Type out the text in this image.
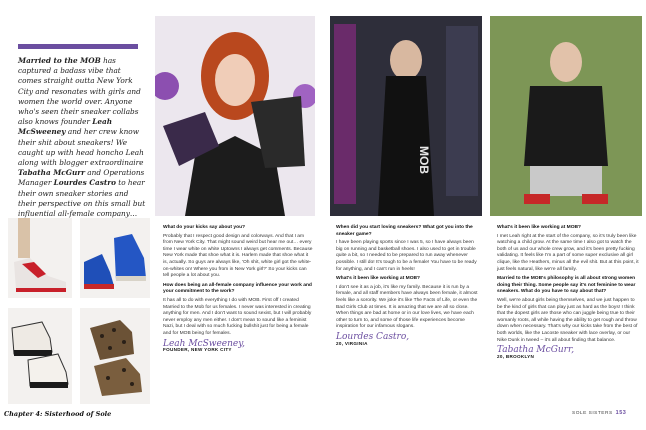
Married to the MOB has captured a badass vibe that comes straight outta New York City and resonates with girls and women the world over. Anyone who's seen their sneaker collabs also knows founder Leah McSweeney and her crew know their shit about sneakers! We caught up with head honcho Leah along with blogger extraordinaire Tabatha McGurr and Operations Manager Lourdes Castro to hear their own sneaker stories and their perspective on this small but influential all-female company…
MOB
What do your kicks say about you?
Probably that I respect good design and colorways. And that I am from New York City. That might sound weird but hear me out… every time I wear white on white Uptowns I always get comments. Because New York made that shoe what it is. Harlem made that shoe what it is, actually. So guys are always like, 'Oh shit, white girl got the white-on-whites on! Where you from in New York girl?' So your kicks can tell people a lot about you.
How does being an all-female company influence your work and your commitment to the work?
It has all to do with everything I do with MOB. First off I created Married to the Mob for us females. I never was interested in creating anything for men. And I don't want to sound sexist, but I will probably never employ any men either. I don't mean to sound like a feminist Nazi, but I deal with so much fucking bullshit just for being a female and for MOB being for females.
Leah McSweeney,
FOUNDER, NEW YORK CITY
When did you start loving sneakers? What got you into the sneaker game?
I have been playing sports since I was 5, so I have always been big on running and basketball shoes. I also used to get in trouble quite a bit, so I needed to be prepared to run away whenever possible. I still do! It's tough to be a female! You have to be ready for anything, and I can't run in heels!
What's it been like working at MOB?
I don't see it as a job, it's like my family. Because it is run by a female, and all staff members have always been female, it almost feels like a sorority. We joke it's like The Facts of Life, or even the Bad Girls Club at times. It is amazing that we are all so close. When things are bad at home or in our love lives, we have each other to turn to, and some of those life experiences become inspiration for our infamous slogans.
Lourdes Castro,
20, VIRGINIA
What's it been like working at MOB?
I met Leah right at the start of the company, so it's truly been like watching a child grow. At the same time I also got to watch the both of us and our whole crew grow, and it's been pretty fucking validating. It feels like I'm a part of some super exclusive all girl clique, like the Heathers, minus all the evil shit. But at this point, it just feels natural, like we're all family.
Married to the MOB's philosophy is all about strong women doing their thing. Some people say it's not feminine to wear sneakers. What do you have to say about that?
Well, we're about girls being themselves, and we just happen to be the kind of girls that can play just as hard as the boys! I think that the dopest girls are those who can juggle being true to their womanly roots, all while having the ability to get rough and throw down when necessary. That's why our kicks take from the best of both worlds, like the Lacoste sneaker with lace overlay, or our Nike Dunk in tweed – it's all about finding that balance.
Tabatha McGurr,
20, BROOKLYN
Chapter 4: Sisterhood of Sole	SOLE SISTERS 153
